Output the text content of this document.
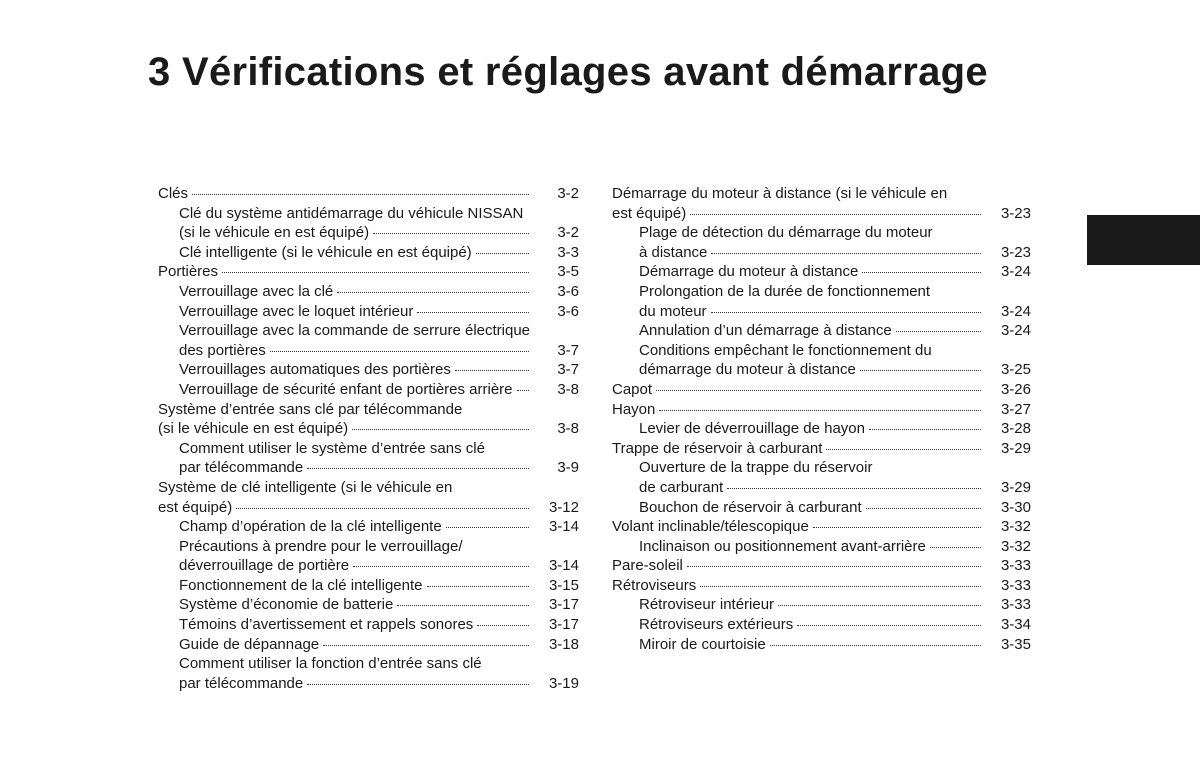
3 Vérifications et réglages avant démarrage
Clés	3-2
Clé du système antidémarrage du véhicule NISSAN
(si le véhicule en est équipé)	3-2
Clé intelligente (si le véhicule en est équipé)	3-3
Portières	3-5
Verrouillage avec la clé	3-6
Verrouillage avec le loquet intérieur	3-6
Verrouillage avec la commande de serrure électrique
des portières	3-7
Verrouillages automatiques des portières	3-7
Verrouillage de sécurité enfant de portières arrière	3-8
Système d’entrée sans clé par télécommande
(si le véhicule en est équipé)	3-8
Comment utiliser le système d’entrée sans clé
par télécommande	3-9
Système de clé intelligente (si le véhicule en
est équipé)	3-12
Champ d’opération de la clé intelligente	3-14
Précautions à prendre pour le verrouillage/
déverrouillage de portière	3-14
Fonctionnement de la clé intelligente	3-15
Système d’économie de batterie	3-17
Témoins d’avertissement et rappels sonores	3-17
Guide de dépannage	3-18
Comment utiliser la fonction d’entrée sans clé
par télécommande	3-19
Démarrage du moteur à distance (si le véhicule en
est équipé)	3-23
Plage de détection du démarrage du moteur
à distance	3-23
Démarrage du moteur à distance	3-24
Prolongation de la durée de fonctionnement
du moteur	3-24
Annulation d’un démarrage à distance	3-24
Conditions empêchant le fonctionnement du
démarrage du moteur à distance	3-25
Capot	3-26
Hayon	3-27
Levier de déverrouillage de hayon	3-28
Trappe de réservoir à carburant	3-29
Ouverture de la trappe du réservoir
de carburant	3-29
Bouchon de réservoir à carburant	3-30
Volant inclinable/télescopique	3-32
Inclinaison ou positionnement avant-arrière	3-32
Pare-soleil	3-33
Rétroviseurs	3-33
Rétroviseur intérieur	3-33
Rétroviseurs extérieurs	3-34
Miroir de courtoisie	3-35
